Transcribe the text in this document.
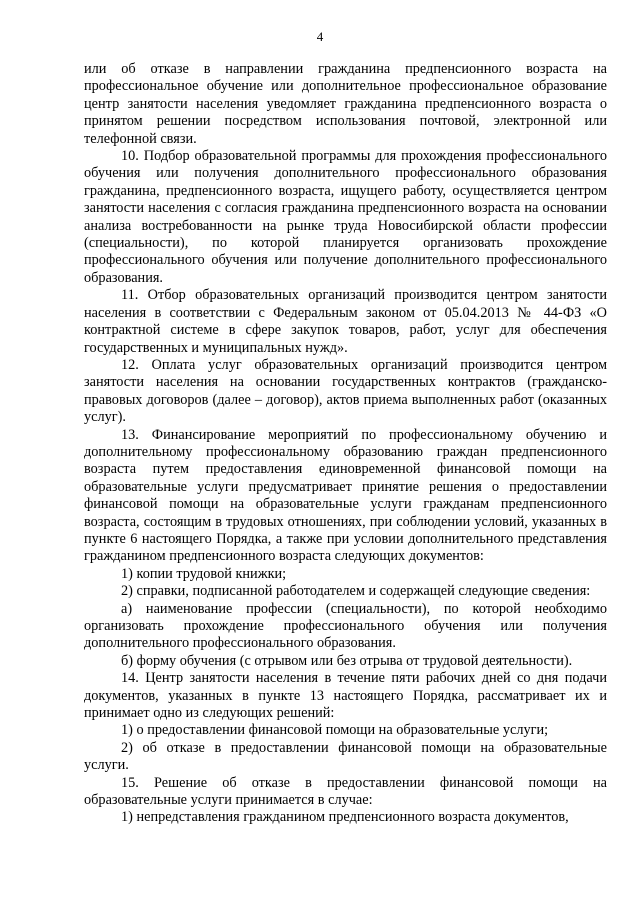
4

или об отказе в направлении гражданина предпенсионного возраста на профессиональное обучение или дополнительное профессиональное образование центр занятости населения уведомляет гражданина предпенсионного возраста о принятом решении посредством использования почтовой, электронной или телефонной связи.

10. Подбор образовательной программы для прохождения профессионального обучения или получения дополнительного профессионального образования гражданина, предпенсионного возраста, ищущего работу, осуществляется центром занятости населения с согласия гражданина предпенсионного возраста на основании анализа востребованности на рынке труда Новосибирской области профессии (специальности), по которой планируется организовать прохождение профессионального обучения или получение дополнительного профессионального образования.

11. Отбор образовательных организаций производится центром занятости населения в соответствии с Федеральным законом от 05.04.2013 № 44-ФЗ «О контрактной системе в сфере закупок товаров, работ, услуг для обеспечения государственных и муниципальных нужд».

12. Оплата услуг образовательных организаций производится центром занятости населения на основании государственных контрактов (гражданско-правовых договоров (далее – договор), актов приема выполненных работ (оказанных услуг).

13. Финансирование мероприятий по профессиональному обучению и дополнительному профессиональному образованию граждан предпенсионного возраста путем предоставления единовременной финансовой помощи на образовательные услуги предусматривает принятие решения о предоставлении финансовой помощи на образовательные услуги гражданам предпенсионного возраста, состоящим в трудовых отношениях, при соблюдении условий, указанных в пункте 6 настоящего Порядка, а также при условии дополнительного представления гражданином предпенсионного возраста следующих документов:

1) копии трудовой книжки;

2) справки, подписанной работодателем и содержащей следующие сведения:

а) наименование профессии (специальности), по которой необходимо организовать прохождение профессионального обучения или получения дополнительного профессионального образования.

б) форму обучения (с отрывом или без отрыва от трудовой деятельности).

14. Центр занятости населения в течение пяти рабочих дней со дня подачи документов, указанных в пункте 13 настоящего Порядка, рассматривает их и принимает одно из следующих решений:

1) о предоставлении финансовой помощи на образовательные услуги;

2) об отказе в предоставлении финансовой помощи на образовательные услуги.

15. Решение об отказе в предоставлении финансовой помощи на образовательные услуги принимается в случае:

1) непредставления гражданином предпенсионного возраста документов,
